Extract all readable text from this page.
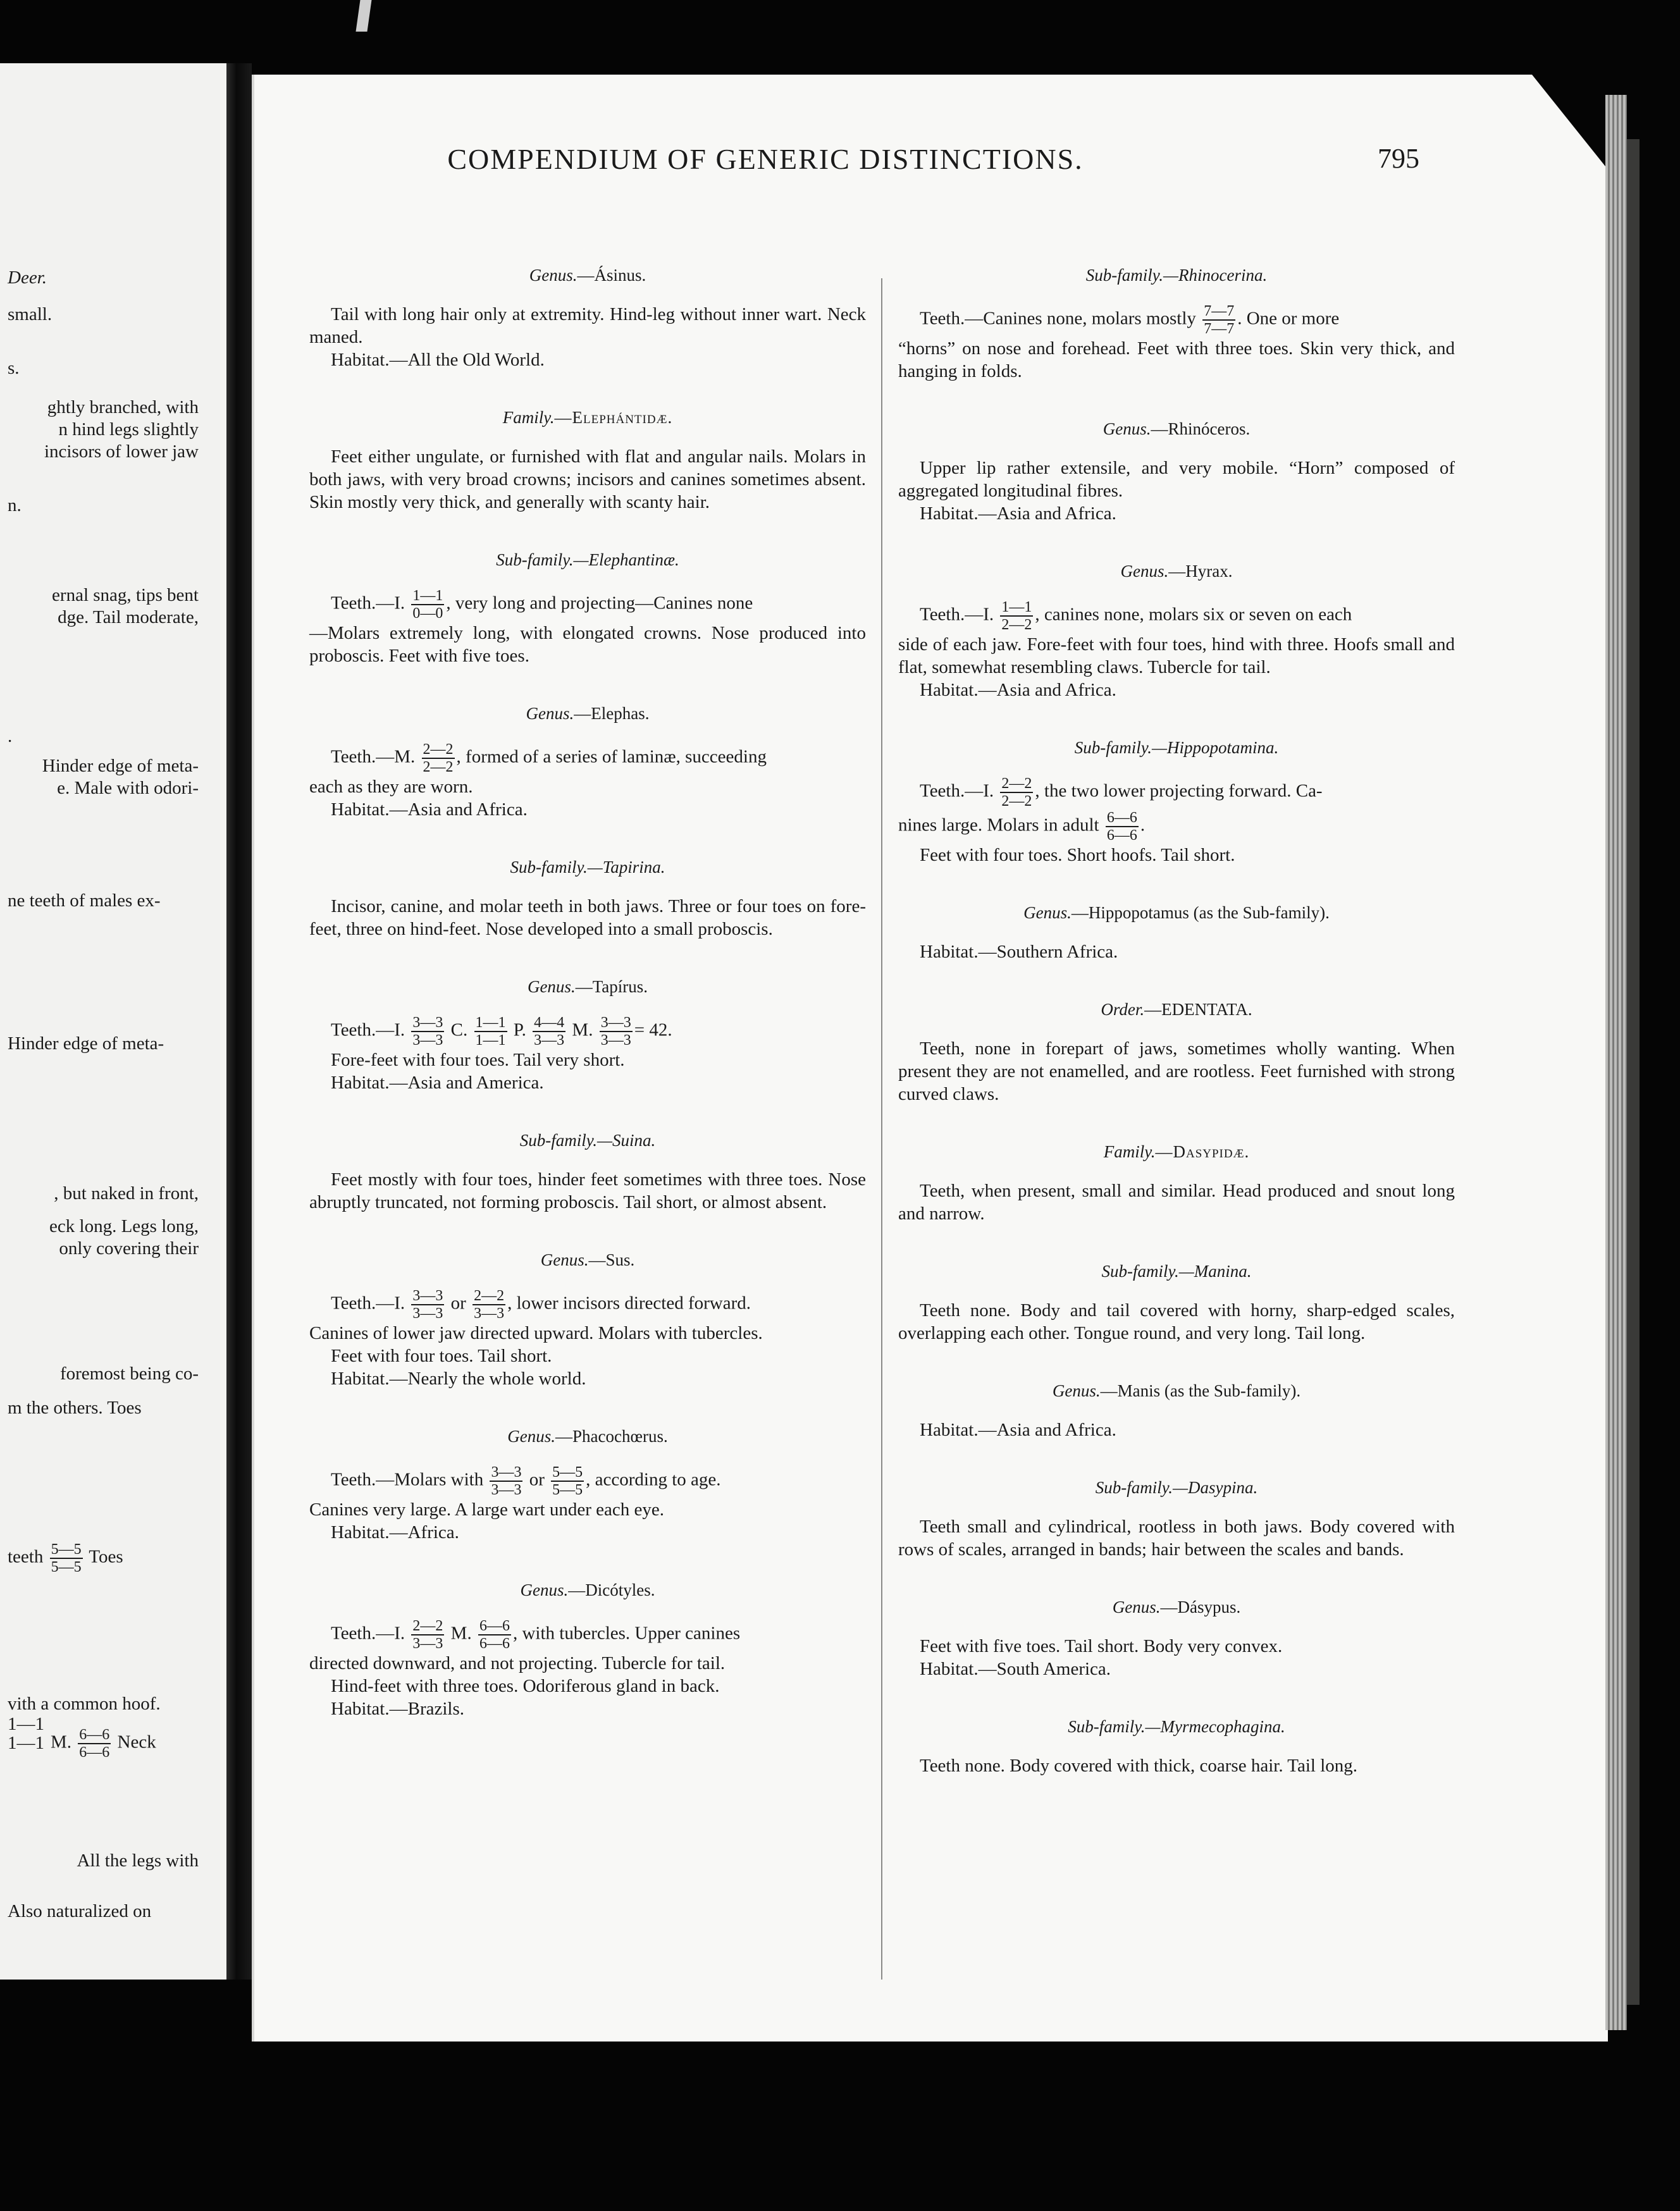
Deer.
small.
s.
ghtly branched, with
n hind legs slightly
incisors of lower jaw
n.
ernal snag, tips bent
dge. Tail moderate,
.
Hinder edge of meta-
e. Male with odori-
ne teeth of males ex-
Hinder edge of meta-
, but naked in front,
eck long. Legs long,
only covering their
foremost being co-
m the others. Toes
teeth $\frac{5—5}{5—5}$ Toes
vith a common hoof.
1—1
1—1 M. $\frac{6—6}{6—6}$ Neck
All the legs with
Also naturalized on
COMPENDIUM OF GENERIC DISTINCTIONS.	795
Genus.—Ásinus.

Tail with long hair only at extremity. Hind-leg without inner wart. Neck maned.

Habitat.—All the Old World.

Family.—Elephántidæ.

Feet either ungulate, or furnished with flat and angular nails. Molars in both jaws, with very broad crowns; incisors and canines sometimes absent. Skin mostly very thick, and generally with scanty hair.

Sub-family.—Elephantinæ.

Teeth.—I. $\frac{1—1}{0—0}$ , very long and projecting—Canines none

—Molars extremely long, with elongated crowns. Nose produced into proboscis. Feet with five toes.

Genus.—Elephas.

Teeth.—M. $\frac{2—2}{2—2}$ , formed of a series of laminæ, succeeding

each as they are worn.

Habitat.—Asia and Africa.

Sub-family.—Tapirina.

Incisor, canine, and molar teeth in both jaws. Three or four toes on fore-feet, three on hind-feet. Nose developed into a small proboscis.

Genus.—Tapírus.

Teeth.—I. $\frac{3—3}{3—3} C$. $\frac{1—1}{1—1} P$. $\frac{4—4}{3—3} M$. $\frac{3—3}{3—3} = 42$.

Fore-feet with four toes. Tail very short.

Habitat.—Asia and America.

Sub-family.—Suina.

Feet mostly with four toes, hinder feet sometimes with three toes. Nose abruptly truncated, not forming proboscis. Tail short, or almost absent.

Genus.—Sus.

Teeth.—I. $\frac{3—3}{3—3}$ or $\frac{2—2}{3—3}$ , lower incisors directed forward.

Canines of lower jaw directed upward. Molars with tubercles.

Feet with four toes. Tail short.

Habitat.—Nearly the whole world.

Genus.—Phacochœrus.

Teeth.—Molars with $\frac{3—3}{3—3}$ or $\frac{5—5}{5—5}$ , according to age.

Canines very large. A large wart under each eye.

Habitat.—Africa.

Genus.—Dicótyles.

Teeth.—I. $\frac{2—2}{3—3} M$. $\frac{6—6}{6—6}$ , with tubercles. Upper canines

directed downward, and not projecting. Tubercle for tail.

Hind-feet with three toes. Odoriferous gland in back.

Habitat.—Brazils.

Sub-family.—Rhinocerina.

Teeth.—Canines none, molars mostly $\frac{7—7}{7—7}$ . One or more

“horns” on nose and forehead. Feet with three toes. Skin very thick, and hanging in folds.

Genus.—Rhinóceros.

Upper lip rather extensile, and very mobile. “Horn” composed of aggregated longitudinal fibres.

Habitat.—Asia and Africa.

Genus.—Hyrax.

Teeth.—I. $\frac{1—1}{2—2}$ , canines none, molars six or seven on each

side of each jaw. Fore-feet with four toes, hind with three. Hoofs small and flat, somewhat resembling claws. Tubercle for tail.

Habitat.—Asia and Africa.

Sub-family.—Hippopotamina.

Teeth.—I. $\frac{2—2}{2—2}$ , the two lower projecting forward. Ca-

nines large. Molars in adult $\frac{6—6}{6—6}$ .

Feet with four toes. Short hoofs. Tail short.

Genus.—Hippopotamus (as the Sub-family).

Habitat.—Southern Africa.

Order.—EDENTATA.

Teeth, none in forepart of jaws, sometimes wholly wanting. When present they are not enamelled, and are rootless. Feet furnished with strong curved claws.

Family.—Dasypidæ.

Teeth, when present, small and similar. Head produced and snout long and narrow.

Sub-family.—Manina.

Teeth none. Body and tail covered with horny, sharp-edged scales, overlapping each other. Tongue round, and very long. Tail long.

Genus.—Manis (as the Sub-family).

Habitat.—Asia and Africa.

Sub-family.—Dasypina.

Teeth small and cylindrical, rootless in both jaws. Body covered with rows of scales, arranged in bands; hair between the scales and bands.

Genus.—Dásypus.

Feet with five toes. Tail short. Body very convex.

Habitat.—South America.

Sub-family.—Myrmecophagina.

Teeth none. Body covered with thick, coarse hair. Tail long.
